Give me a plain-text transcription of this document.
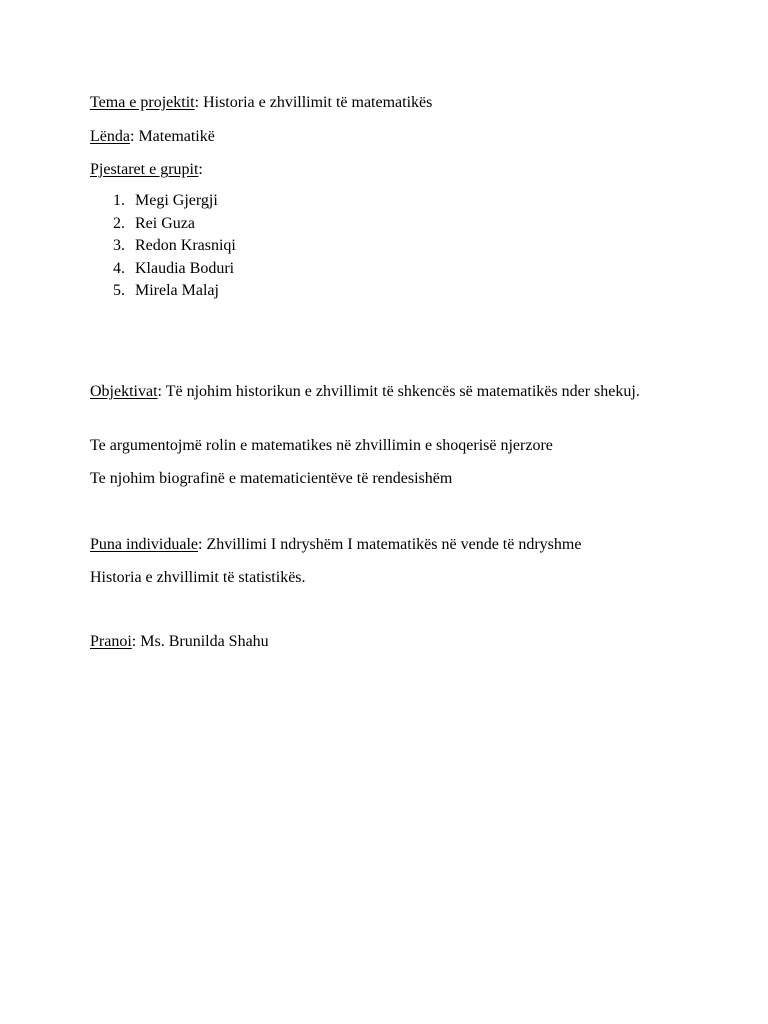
Tema e projektit: Historia e zhvillimit të matematikës

Lënda: Matematikë

Pjestaret e grupit:

1. Megi Gjergji
2. Rei Guza
3. Redon Krasniqi
4. Klaudia Boduri
5. Mirela Malaj

Objektivat: Të njohim historikun e zhvillimit të shkencës së matematikës nder shekuj.

Te argumentojmë rolin e matematikes në zhvillimin e shoqerisë njerzore

Te njohim biografinë e matematicientëve të rendesishëm

Puna individuale: Zhvillimi I ndryshëm I matematikës në vende të ndryshme

Historia e zhvillimit të statistikës.

Pranoi: Ms. Brunilda Shahu
